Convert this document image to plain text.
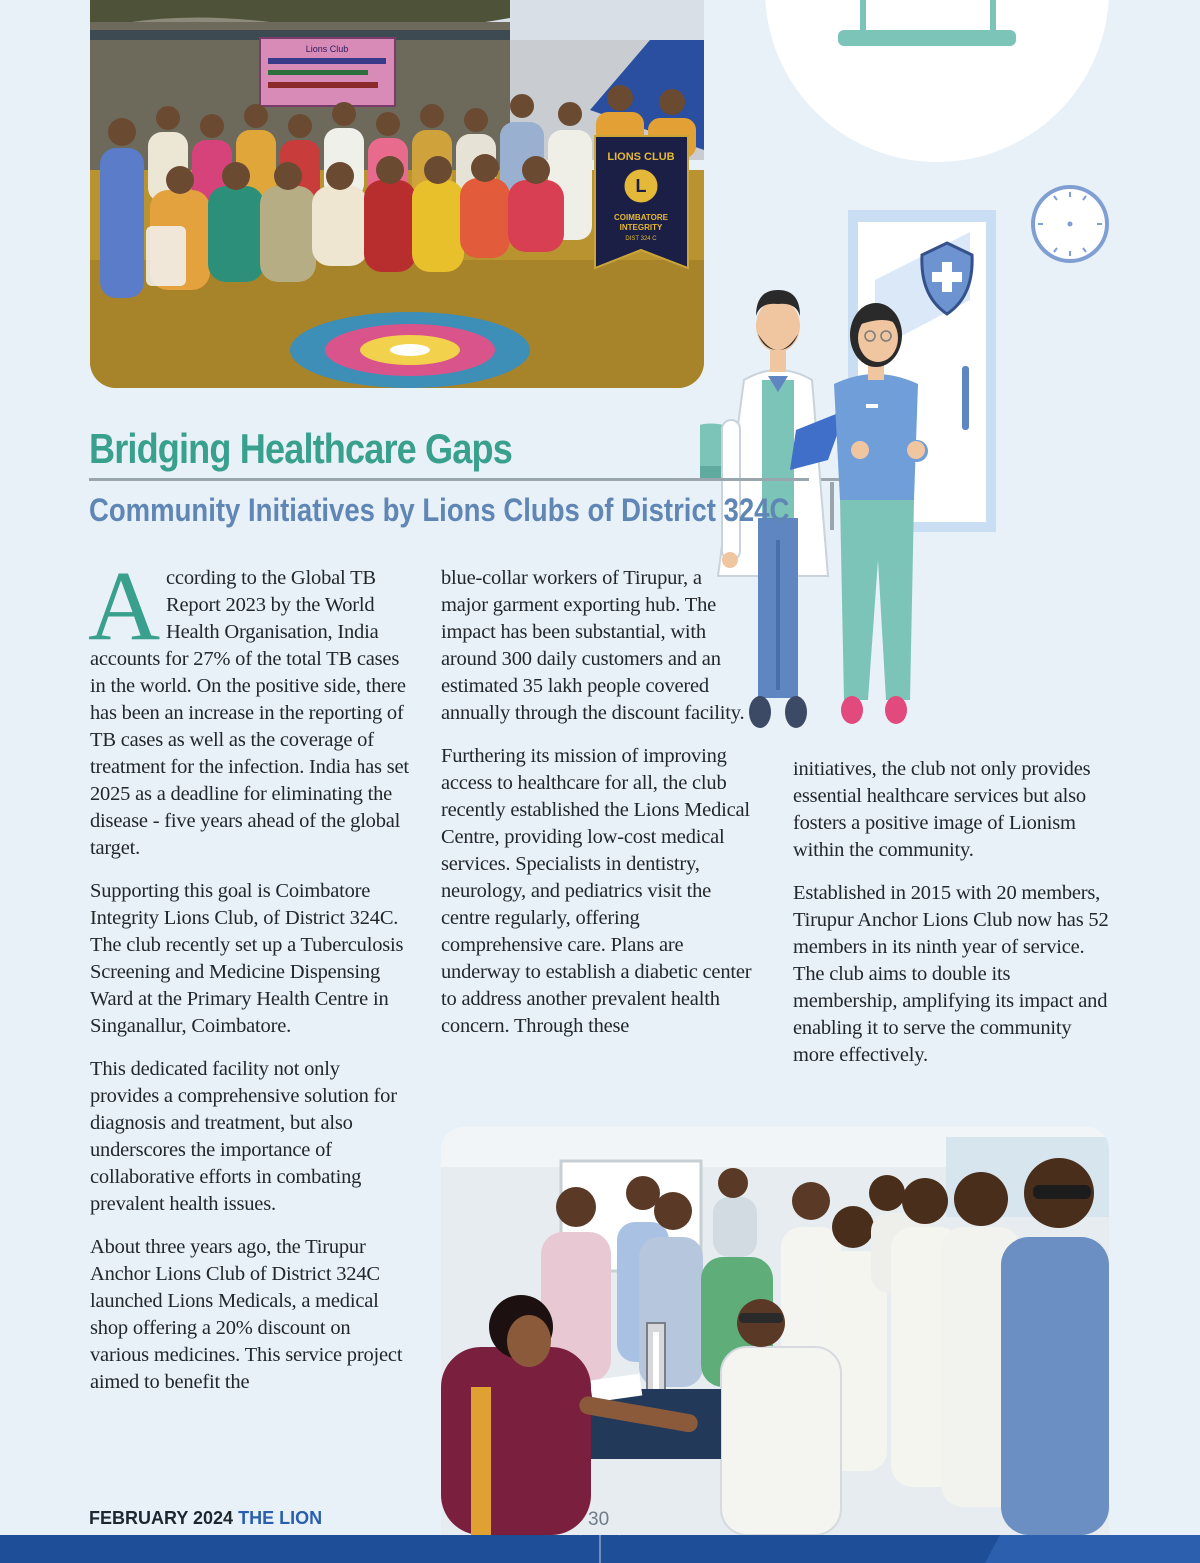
Lions Club
L
LIONS CLUB
COIMBATORE
INTEGRITY
DIST 324 C
Bridging Healthcare Gaps
Community Initiatives by Lions Clubs of District 324C

According to the Global TB Report 2023 by the World Health Organisation, India accounts for 27% of the total TB cases in the world. On the positive side, there has been an increase in the reporting of TB cases as well as the coverage of treatment for the infection. India has set 2025 as a deadline for eliminating the disease - five years ahead of the global target.

Supporting this goal is Coimbatore Integrity Lions Club, of District 324C. The club recently set up a Tuberculosis Screening and Medicine Dispensing Ward at the Primary Health Centre in Singanallur, Coimbatore.

This dedicated facility not only provides a comprehensive solution for diagnosis and treatment, but also underscores the importance of collaborative efforts in combating prevalent health issues.

About three years ago, the Tirupur Anchor Lions Club of District 324C launched Lions Medicals, a medical shop offering a 20% discount on various medicines. This service project aimed to benefit the

blue-collar workers of Tirupur, a major garment exporting hub. The impact has been substantial, with around 300 daily customers and an estimated 35 lakh people covered annually through the discount facility.

Furthering its mission of improving access to healthcare for all, the club recently established the Lions Medical Centre, providing low-cost medical services. Specialists in dentistry, neurology, and pediatrics visit the centre regularly, offering comprehensive care. Plans are underway to establish a diabetic center to address another prevalent health concern. Through these

initiatives, the club not only provides essential healthcare services but also fosters a positive image of Lionism within the community.

Established in 2015 with 20 members, Tirupur Anchor Lions Club now has 52 members in its ninth year of service. The club aims to double its membership, amplifying its impact and enabling it to serve the community more effectively.

FEBRUARY 2024 THE LION	30
